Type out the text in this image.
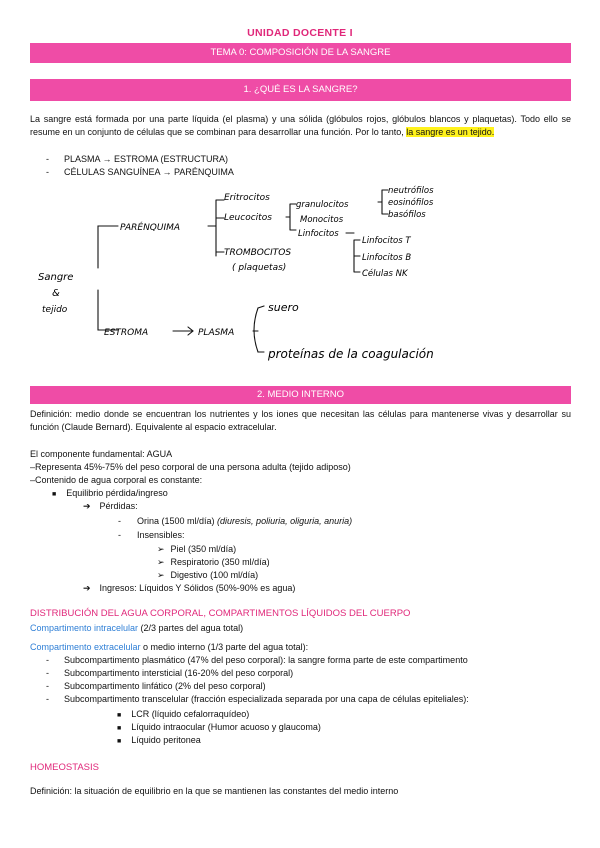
UNIDAD DOCENTE I
TEMA 0: COMPOSICIÓN DE LA SANGRE
1. ¿QUÉ ES LA SANGRE?
La sangre está formada por una parte líquida (el plasma) y una sólida (glóbulos rojos, glóbulos blancos y plaquetas). Todo ello se resume en un conjunto de células que se combinan para desarrollar una función. Por lo tanto, la sangre es un tejido.
- PLASMA → ESTROMA (ESTRUCTURA)
- CÉLULAS SANGUÍNEA → PARÉNQUIMA
Sangre
&
tejido
PARÉNQUIMA
Eritrocitos
Leucocitos
granulocitos
Monocitos
Linfocitos
neutrófilos
eosinófilos
basófilos
TROMBOCITOS
( plaquetas)
Linfocitos T
Linfocitos B
Células NK
ESTROMA	PLASMA
suero
proteínas de la coagulación
2. MEDIO INTERNO
Definición: medio donde se encuentran los nutrientes y los iones que necesitan las células para mantenerse vivas y desarrollar su función (Claude Bernard). Equivalente al espacio extracelular.
El componente fundamental: AGUA
–Representa 45%-75% del peso corporal de una persona adulta (tejido adiposo)
–Contenido de agua corporal es constante:
■ Equilibrio pérdida/ingreso
➔ Pérdidas:
- Orina (1500 ml/día) (diuresis, poliuria, oliguria, anuria)
- Insensibles:
➢ Piel (350 ml/día)
➢ Respiratorio (350 ml/día)
➢ Digestivo (100 ml/día)
➔ Ingresos: Líquidos Y Sólidos (50%-90% es agua)
DISTRIBUCIÓN DEL AGUA CORPORAL, COMPARTIMENTOS LÍQUIDOS DEL CUERPO
Compartimento intracelular (2/3 partes del agua total)
Compartimento extracelular o medio interno (1/3 parte del agua total):
- Subcompartimento plasmático (47% del peso corporal): la sangre forma parte de este compartimento
- Subcompartimento intersticial (16-20% del peso corporal)
- Subcompartimento linfático (2% del peso corporal)
- Subcompartimento transcelular (fracción especializada separada por una capa de células epiteliales):
■ LCR (líquido cefalorraquídeo)
■ Líquido intraocular (Humor acuoso y glaucoma)
■ Líquido peritonea
HOMEOSTASIS
Definición: la situación de equilibrio en la que se mantienen las constantes del medio interno
